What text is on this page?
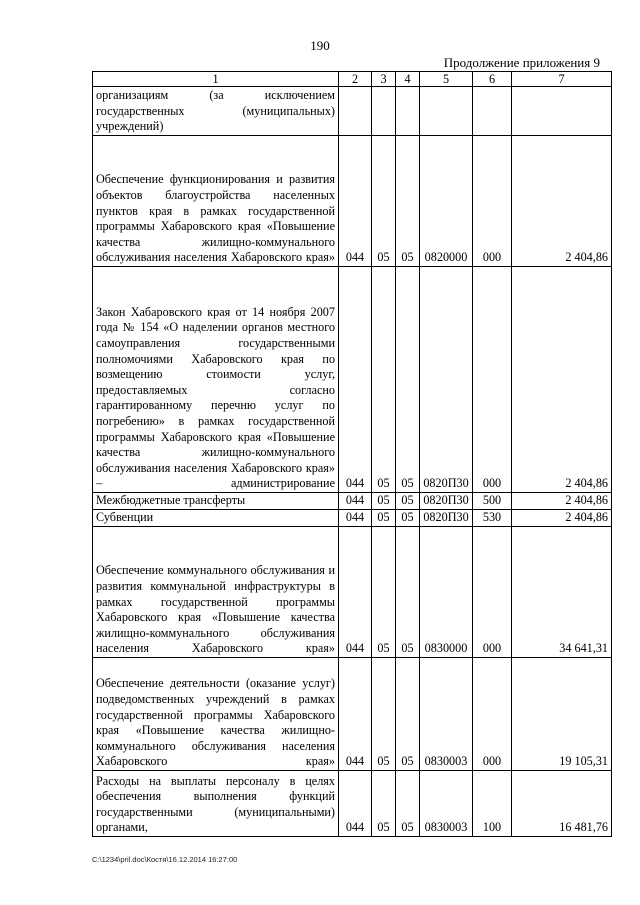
190
Продолжение приложения 9
1	2	3	4	5	6	7
организациям (за исключением государственных (муниципальных) учреждений)						
Обеспечение функционирования и развития объектов благоустройства населенных пунктов края в рамках государственной программы Хабаровского края «Повышение качества жилищно-коммунального обслуживания населения Хабаровского края»	044	05	05	0820000	000	2 404,86
Закон Хабаровского края от 14 ноября 2007 года № 154 «О наделении органов местного самоуправления государственными полномочиями Хабаровского края по возмещению стоимости услуг, предоставляемых согласно гарантированному перечню услуг по погребению» в рамках государственной программы Хабаровского края «Повышение качества жилищно-коммунального обслуживания населения Хабаровского края» – администрирование	044	05	05	0820П30	000	2 404,86
Межбюджетные трансферты	044	05	05	0820П30	500	2 404,86
Субвенции	044	05	05	0820П30	530	2 404,86
Обеспечение коммунального обслуживания и развития коммунальной инфраструктуры в рамках государственной программы Хабаровского края «Повышение качества жилищно-коммунального обслуживания населения Хабаровского края»	044	05	05	0830000	000	34 641,31
Обеспечение деятельности (оказание услуг) подведомственных учреждений в рамках государственной программы Хабаровского края «Повышение качества жилищно-коммунального обслуживания населения Хабаровского края»	044	05	05	0830003	000	19 105,31
Расходы на выплаты персоналу в целях обеспечения выполнения функций государственными (муниципальными) органами,	044	05	05	0830003	100	16 481,76
C:\1234\pril.doc\Костя\16.12.2014 16:27:00
